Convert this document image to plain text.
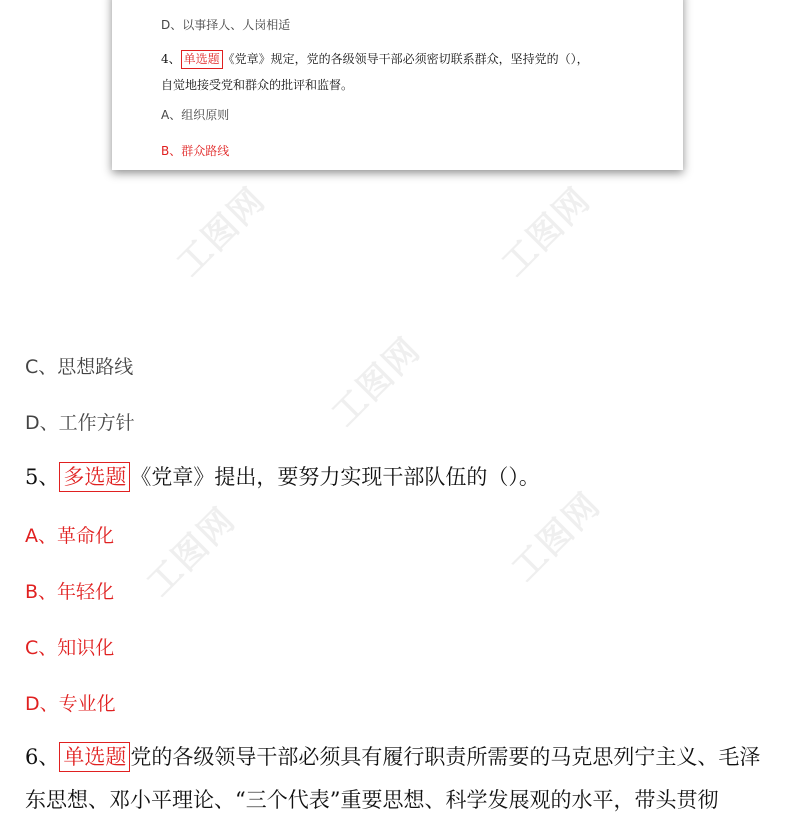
工图网	工图网
工图网
工图网	工图网
D、以事择人、人岗相适
4、 单选题 《党章》规定，党的各级领导干部必须密切联系群众，坚持党的（），
自觉地接受党和群众的批评和监督。
A、组织原则
B、群众路线
C、思想路线
D、工作方针
5、 多选题 《党章》提出，要努力实现干部队伍的（）。
A、革命化
B、年轻化
C、知识化
D、专业化
6、 单选题 党的各级领导干部必须具有履行职责所需要的马克思列宁主义、毛泽
东思想、邓小平理论、“三个代表”重要思想、科学发展观的水平，带头贯彻
